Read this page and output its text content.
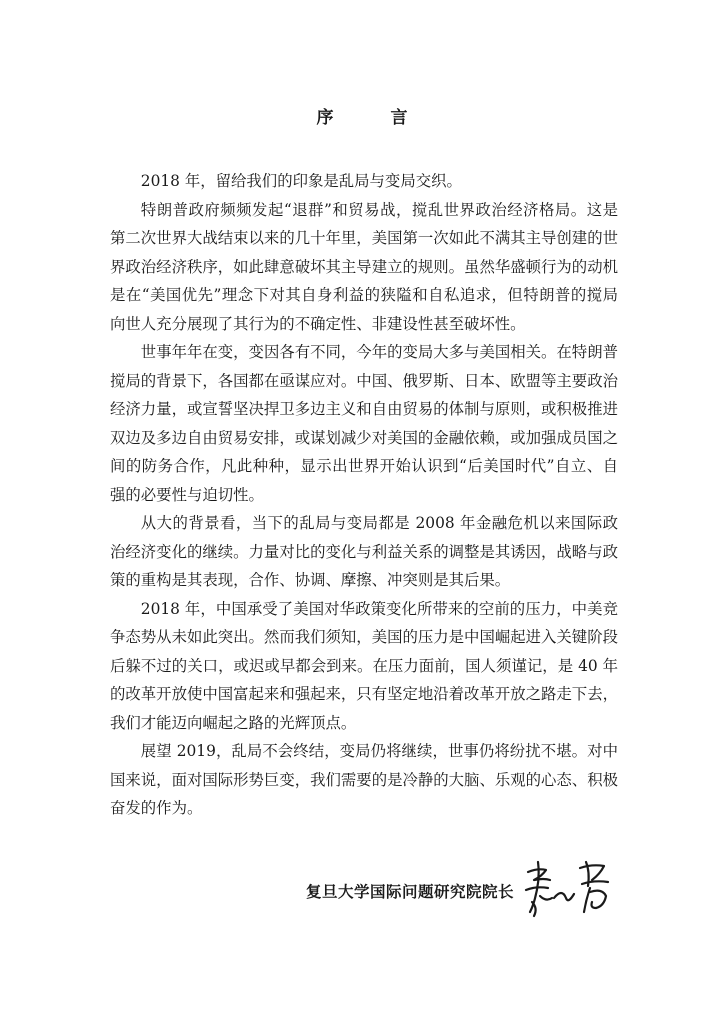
序　言

2018 年，留给我们的印象是乱局与变局交织。

特朗普政府频频发起“退群”和贸易战，搅乱世界政治经济格局。这是第二次世界大战结束以来的几十年里，美国第一次如此不满其主导创建的世界政治经济秩序，如此肆意破坏其主导建立的规则。虽然华盛顿行为的动机是在“美国优先”理念下对其自身利益的狭隘和自私追求，但特朗普的搅局向世人充分展现了其行为的不确定性、非建设性甚至破坏性。

世事年年在变，变因各有不同，今年的变局大多与美国相关。在特朗普搅局的背景下，各国都在亟谋应对。中国、俄罗斯、日本、欧盟等主要政治经济力量，或宣誓坚决捍卫多边主义和自由贸易的体制与原则，或积极推进双边及多边自由贸易安排，或谋划减少对美国的金融依赖，或加强成员国之间的防务合作，凡此种种，显示出世界开始认识到“后美国时代”自立、自强的必要性与迫切性。

从大的背景看，当下的乱局与变局都是 2008 年金融危机以来国际政治经济变化的继续。力量对比的变化与利益关系的调整是其诱因，战略与政策的重构是其表现，合作、协调、摩擦、冲突则是其后果。

2018 年，中国承受了美国对华政策变化所带来的空前的压力，中美竞争态势从未如此突出。然而我们须知，美国的压力是中国崛起进入关键阶段后躲不过的关口，或迟或早都会到来。在压力面前，国人须谨记，是 40 年的改革开放使中国富起来和强起来，只有坚定地沿着改革开放之路走下去，我们才能迈向崛起之路的光辉顶点。

展望 2019，乱局不会终结，变局仍将继续，世事仍将纷扰不堪。对中国来说，面对国际形势巨变，我们需要的是冷静的大脑、乐观的心态、积极奋发的作为。

复旦大学国际问题研究院院长
